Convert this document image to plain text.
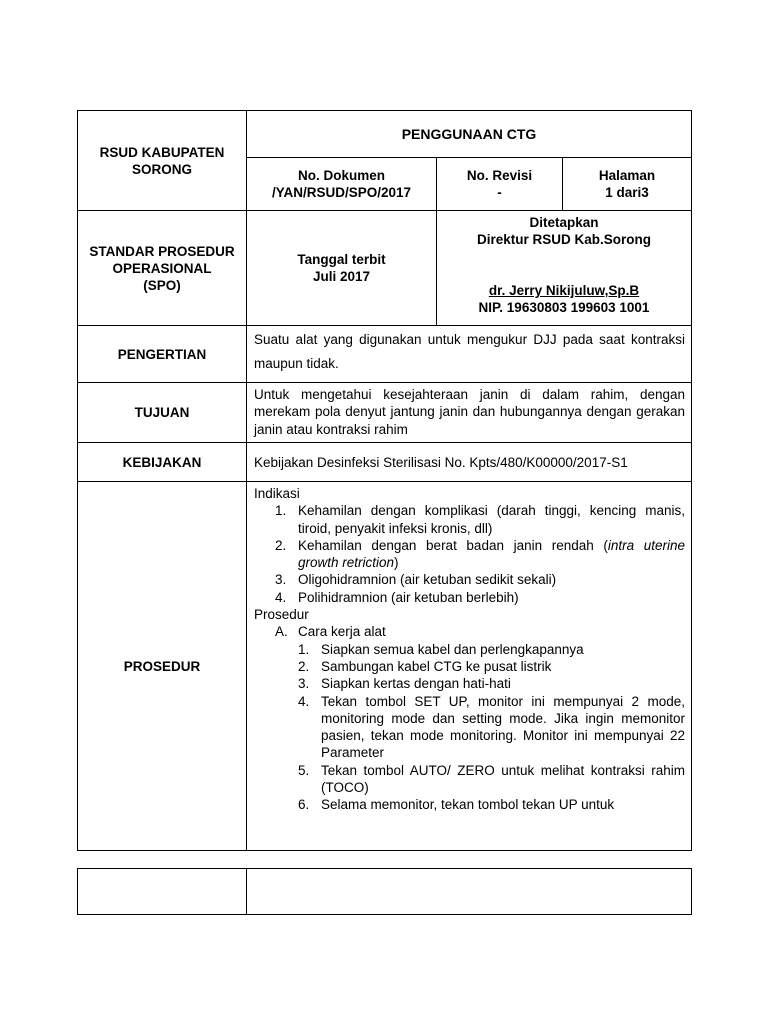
RSUD KABUPATEN
SORONG
PENGGUNAAN CTG
No. Dokumen
/YAN/RSUD/SPO/2017
No. Revisi
-
Halaman
1 dari3
STANDAR PROSEDUR
OPERASIONAL
(SPO)
Tanggal terbit
Juli 2017
Ditetapkan
Direktur RSUD Kab.Sorong
dr. Jerry Nikijuluw,Sp.B
NIP. 19630803 199603 1001
PENGERTIAN
Suatu alat yang digunakan untuk mengukur DJJ pada saat kontraksi maupun tidak.
TUJUAN
Untuk mengetahui kesejahteraan janin di dalam rahim, dengan merekam pola denyut jantung janin dan hubungannya dengan gerakan janin atau kontraksi rahim
KEBIJAKAN	Kebijakan Desinfeksi Sterilisasi No. Kpts/480/K00000/2017-S1
PROSEDUR
Indikasi
1. Kehamilan dengan komplikasi (darah tinggi, kencing manis, tiroid, penyakit infeksi kronis, dll)
2. Kehamilan dengan berat badan janin rendah (intra uterine growth retriction)
3. Oligohidramnion (air ketuban sedikit sekali)
4. Polihidramnion (air ketuban berlebih)
Prosedur
A. Cara kerja alat
1. Siapkan semua kabel dan perlengkapannya
2. Sambungan kabel CTG ke pusat listrik
3. Siapkan kertas dengan hati-hati
4. Tekan tombol SET UP, monitor ini mempunyai 2 mode, monitoring mode dan setting mode. Jika ingin memonitor pasien, tekan mode monitoring. Monitor ini mempunyai 22 Parameter
5. Tekan tombol AUTO/ ZERO untuk melihat kontraksi rahim (TOCO)
6. Selama memonitor, tekan tombol tekan UP untuk
